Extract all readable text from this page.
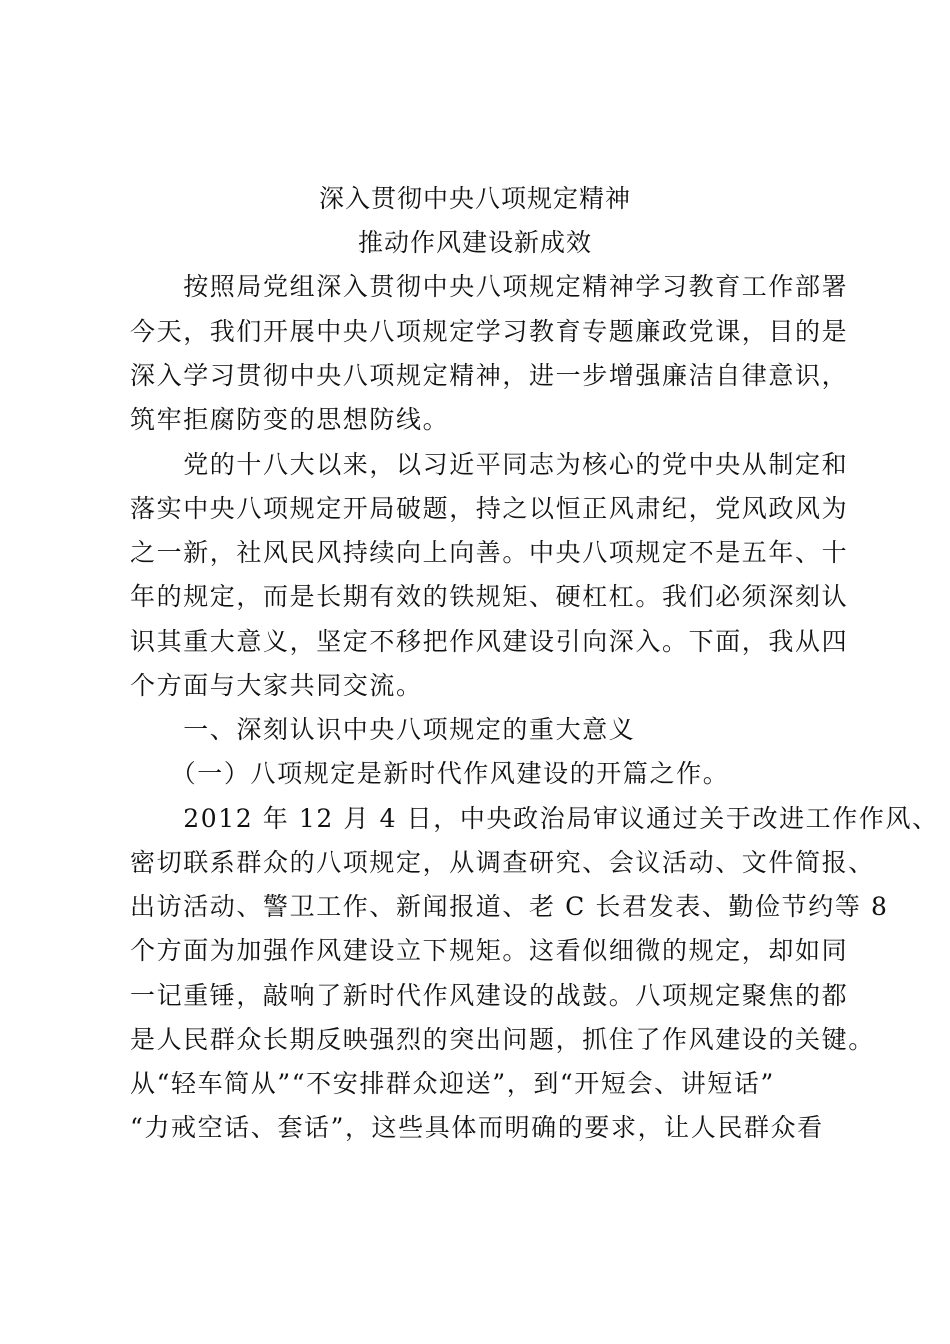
深入贯彻中央八项规定精神
推动作风建设新成效
　　按照局党组深入贯彻中央八项规定精神学习教育工作部署
今天，我们开展中央八项规定学习教育专题廉政党课，目的是
深入学习贯彻中央八项规定精神，进一步增强廉洁自律意识，
筑牢拒腐防变的思想防线。
　　党的十八大以来，以习近平同志为核心的党中央从制定和
落实中央八项规定开局破题，持之以恒正风肃纪，党风政风为
之一新，社风民风持续向上向善。中央八项规定不是五年、十
年的规定，而是长期有效的铁规矩、硬杠杠。我们必须深刻认
识其重大意义，坚定不移把作风建设引向深入。下面，我从四
个方面与大家共同交流。
　　一、深刻认识中央八项规定的重大意义
　　（一）八项规定是新时代作风建设的开篇之作。
　　2012 年 12 月 4 日，中央政治局审议通过关于改进工作作风、
密切联系群众的八项规定，从调查研究、会议活动、文件简报、
出访活动、警卫工作、新闻报道、老 C 长君发表、勤俭节约等 8
个方面为加强作风建设立下规矩。这看似细微的规定，却如同
一记重锤，敲响了新时代作风建设的战鼓。八项规定聚焦的都
是人民群众长期反映强烈的突出问题，抓住了作风建设的关键。
从“轻车简从”“不安排群众迎送”，到“开短会、讲短话”
“力戒空话、套话”，这些具体而明确的要求，让人民群众看
